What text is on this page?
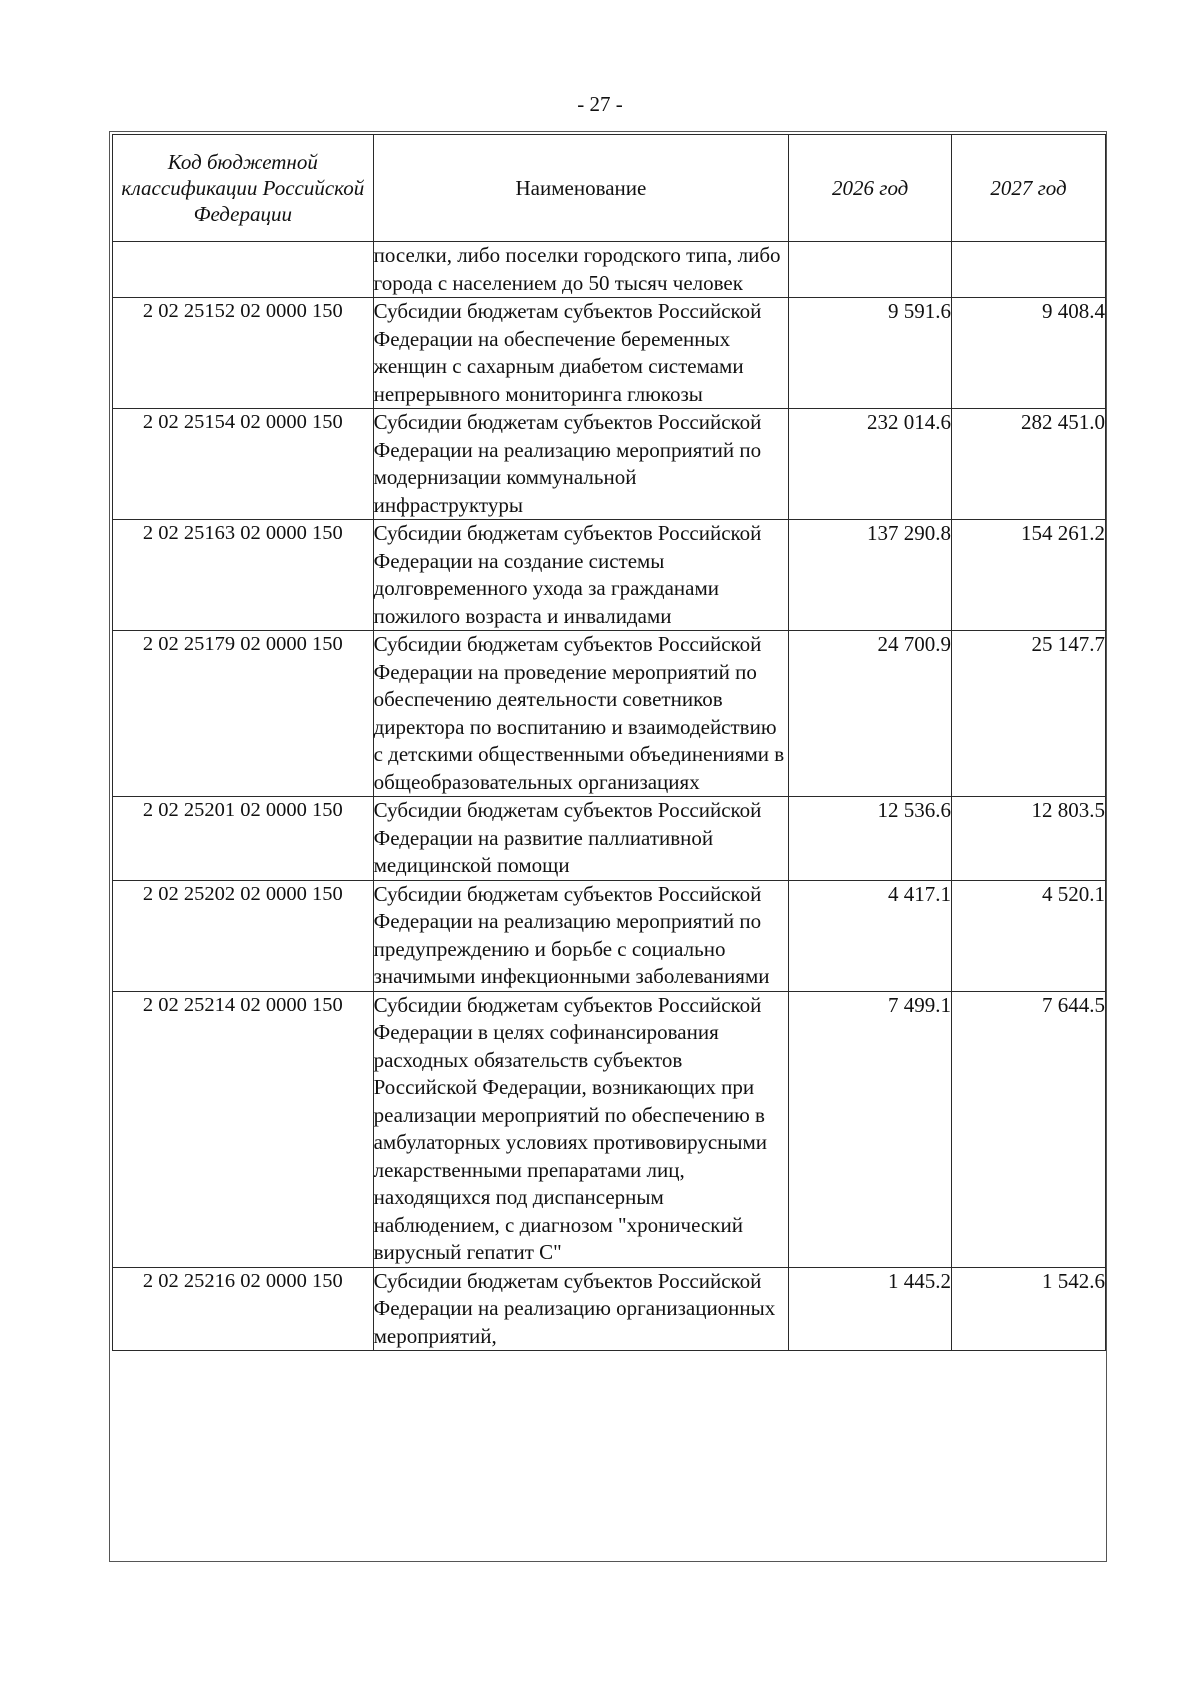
- 27 -
Код бюджетной классификации Российской Федерации	Наименование	2026 год	2027 год
	поселки, либо поселки городского типа, либо города с населением до 50 тысяч человек		
2 02 25152 02 0000 150	Субсидии бюджетам субъектов Российской Федерации на обеспечение беременных женщин с сахарным диабетом системами непрерывного мониторинга глюкозы	9 591.6	9 408.4
2 02 25154 02 0000 150	Субсидии бюджетам субъектов Российской Федерации на реализацию мероприятий по модернизации коммунальной инфраструктуры	232 014.6	282 451.0
2 02 25163 02 0000 150	Субсидии бюджетам субъектов Российской Федерации на создание системы долговременного ухода за гражданами пожилого возраста и инвалидами	137 290.8	154 261.2
2 02 25179 02 0000 150	Субсидии бюджетам субъектов Российской Федерации на проведение мероприятий по обеспечению деятельности советников директора по воспитанию и взаимодействию с детскими общественными объединениями в общеобразовательных организациях	24 700.9	25 147.7
2 02 25201 02 0000 150	Субсидии бюджетам субъектов Российской Федерации на развитие паллиативной медицинской помощи	12 536.6	12 803.5
2 02 25202 02 0000 150	Субсидии бюджетам субъектов Российской Федерации на реализацию мероприятий по предупреждению и борьбе с социально значимыми инфекционными заболеваниями	4 417.1	4 520.1
2 02 25214 02 0000 150	Субсидии бюджетам субъектов Российской Федерации в целях софинансирования расходных обязательств субъектов Российской Федерации, возникающих при реализации мероприятий по обеспечению в амбулаторных условиях противовирусными лекарственными препаратами лиц, находящихся под диспансерным наблюдением, с диагнозом "хронический вирусный гепатит С"	7 499.1	7 644.5
2 02 25216 02 0000 150	Субсидии бюджетам субъектов Российской Федерации на реализацию организационных мероприятий,	1 445.2	1 542.6
